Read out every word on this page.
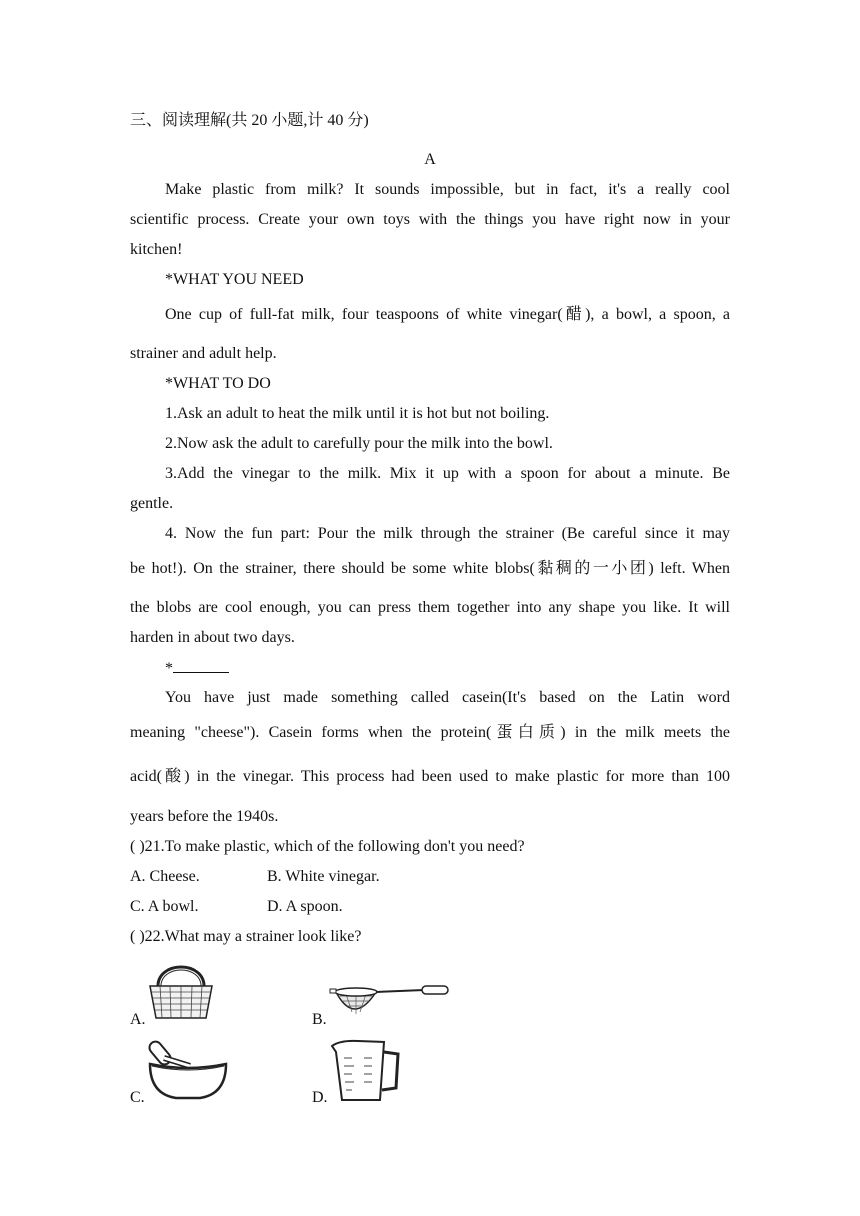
三、阅读理解(共 20 小题,计 40 分)
A
Make plastic from milk? It sounds impossible, but in fact, it's a really cool
scientific process. Create your own toys with the things you have right now in your
kitchen!
*WHAT YOU NEED
One cup of full-fat milk, four teaspoons of white vinegar(醋), a bowl, a spoon, a
strainer and adult help.
*WHAT TO DO
1.Ask an adult to heat the milk until it is hot but not boiling.
2.Now ask the adult to carefully pour the milk into the bowl.
3.Add the vinegar to the milk. Mix it up with a spoon for about a minute. Be
gentle.
4. Now the fun part: Pour the milk through the strainer (Be careful since it may
be hot!). On the strainer, there should be some white blobs(黏稠的一小团) left. When
the blobs are cool enough, you can press them together into any shape you like. It will
harden in about two days.
*
You have just made something called casein(It's based on the Latin word
meaning "cheese"). Casein forms when the protein(蛋白质) in the milk meets the
acid(酸) in the vinegar. This process had been used to make plastic for more than 100
years before the 1940s.
( )21.To make plastic, which of the following don't you need?
A. Cheese.	B. White vinegar.
C. A bowl.	D. A spoon.
( )22.What may a strainer look like?
A.	B.
C.	D.
